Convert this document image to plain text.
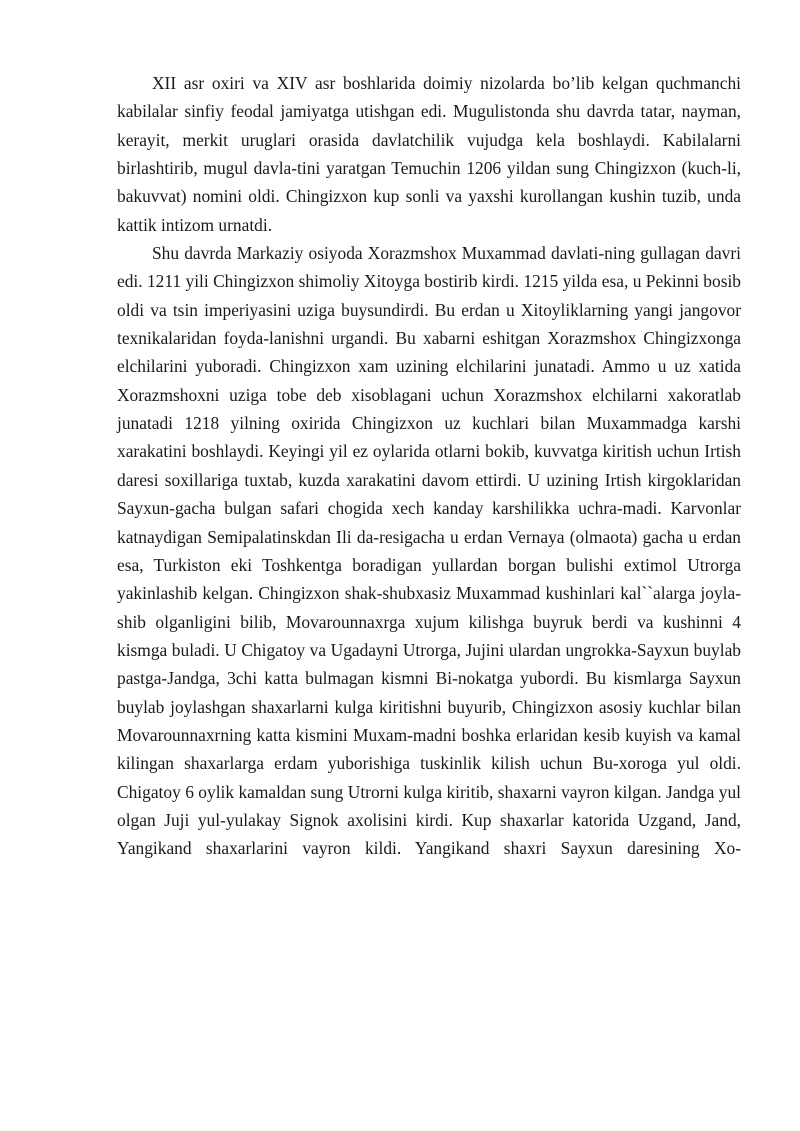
XII asr oxiri va XIV asr boshlarida doimiy nizolarda bo’lib kelgan quchmanchi kabilalar sinfiy feodal jamiyatga utishgan edi. Mugulistonda shu davrda tatar, nayman, kerayit, merkit uruglari orasida davlatchilik vujudga kela boshlaydi. Kabilalarni birlashtirib, mugul davla-tini yaratgan Temuchin 1206 yildan sung Chingizxon (kuch-li, bakuvvat) nomini oldi. Chingizxon kup sonli va yaxshi kurollangan kushin tuzib, unda kattik intizom urnatdi.

Shu davrda Markaziy osiyoda Xorazmshox Muxammad davlati-ning gullagan davri edi. 1211 yili Chingizxon shimoliy Xitoyga bostirib kirdi. 1215 yilda esa, u Pekinni bosib oldi va tsin imperiyasini uziga buysundirdi. Bu erdan u Xitoyliklarning yangi jangovor texnikalaridan foyda-lanishni urgandi. Bu xabarni eshitgan Xorazmshox Chingizxonga elchilarini yuboradi. Chingizxon xam uzining elchilarini junatadi. Ammo u uz xatida Xorazmshoxni uziga tobe deb xisoblagani uchun Xorazmshox elchilarni xakoratlab junatadi 1218 yilning oxirida Chingizxon uz kuchlari bilan Muxammadga karshi xarakatini boshlaydi. Keyingi yil ez oylarida otlarni bokib, kuvvatga kiritish uchun Irtish daresi soxillariga tuxtab, kuzda xarakatini davom ettirdi. U uzining Irtish kirgoklaridan Sayxun-gacha bulgan safari chogida xech kanday karshilikka uchra-madi. Karvonlar katnaydigan Semipalatinskdan Ili da-resigacha u erdan Vernaya (olmaota) gacha u erdan esa, Turkiston eki Toshkentga boradigan yullardan borgan bulishi extimol Utrorga yakinlashib kelgan. Chingizxon shak-shubxasiz Muxammad kushinlari kal``alarga joyla-shib olganligini bilib, Movarounnaxrga xujum kilishga buyruk berdi va kushinni 4 kismga buladi. U Chigatoy va Ugadayni Utrorga, Jujini ulardan ungrokka-Sayxun buylab pastga-Jandga, 3chi katta bulmagan kismni Bi-nokatga yubordi. Bu kismlarga Sayxun buylab joylashgan shaxarlarni kulga kiritishni buyurib, Chingizxon asosiy kuchlar bilan Movarounnaxrning katta kismini Muxam-madni boshka erlaridan kesib kuyish va kamal kilingan shaxarlarga erdam yuborishiga tuskinlik kilish uchun Bu-xoroga yul oldi. Chigatoy 6 oylik kamaldan sung Utrorni kulga kiritib, shaxarni vayron kilgan. Jandga yul olgan Juji yul-yulakay Signok axolisini kirdi. Kup shaxarlar katorida Uzgand, Jand, Yangikand shaxarlarini vayron kildi. Yangikand shaxri Sayxun daresining Xo-
